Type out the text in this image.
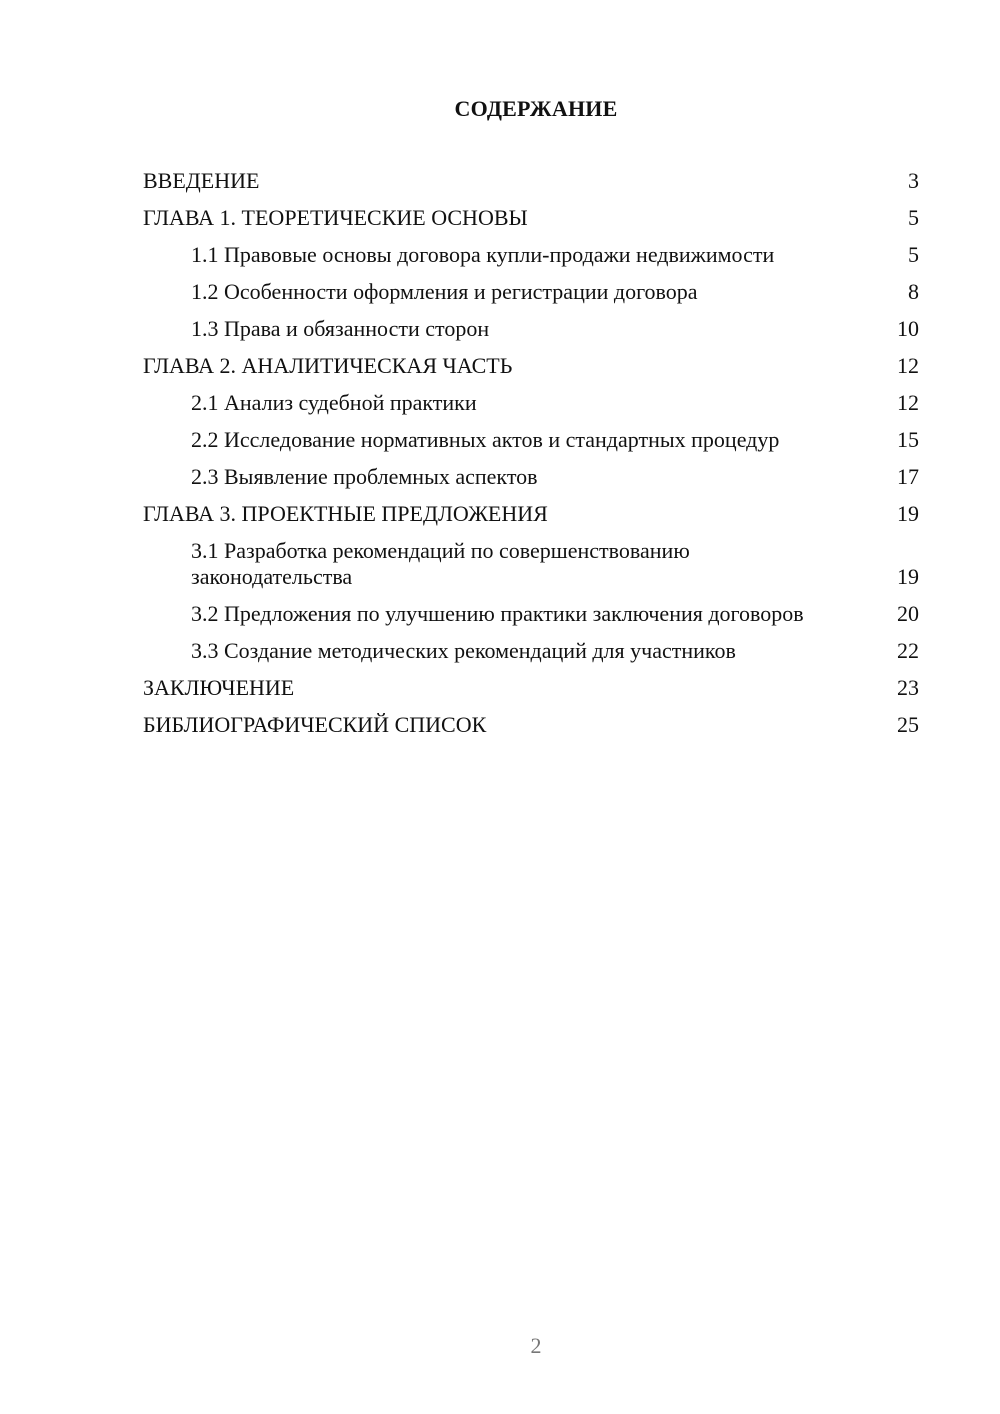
СОДЕРЖАНИЕ
ВВЕДЕНИЕ	3
ГЛАВА 1. ТЕОРЕТИЧЕСКИЕ ОСНОВЫ	5
1.1 Правовые основы договора купли-продажи недвижимости	5
1.2 Особенности оформления и регистрации договора	8
1.3 Права и обязанности сторон	10
ГЛАВА 2. АНАЛИТИЧЕСКАЯ ЧАСТЬ	12
2.1 Анализ судебной практики	12
2.2 Исследование нормативных актов и стандартных процедур	15
2.3 Выявление проблемных аспектов	17
ГЛАВА 3. ПРОЕКТНЫЕ ПРЕДЛОЖЕНИЯ	19
3.1 Разработка рекомендаций по совершенствованию законодательства	19
3.2 Предложения по улучшению практики заключения договоров	20
3.3 Создание методических рекомендаций для участников	22
ЗАКЛЮЧЕНИЕ	23
БИБЛИОГРАФИЧЕСКИЙ СПИСОК	25
2
